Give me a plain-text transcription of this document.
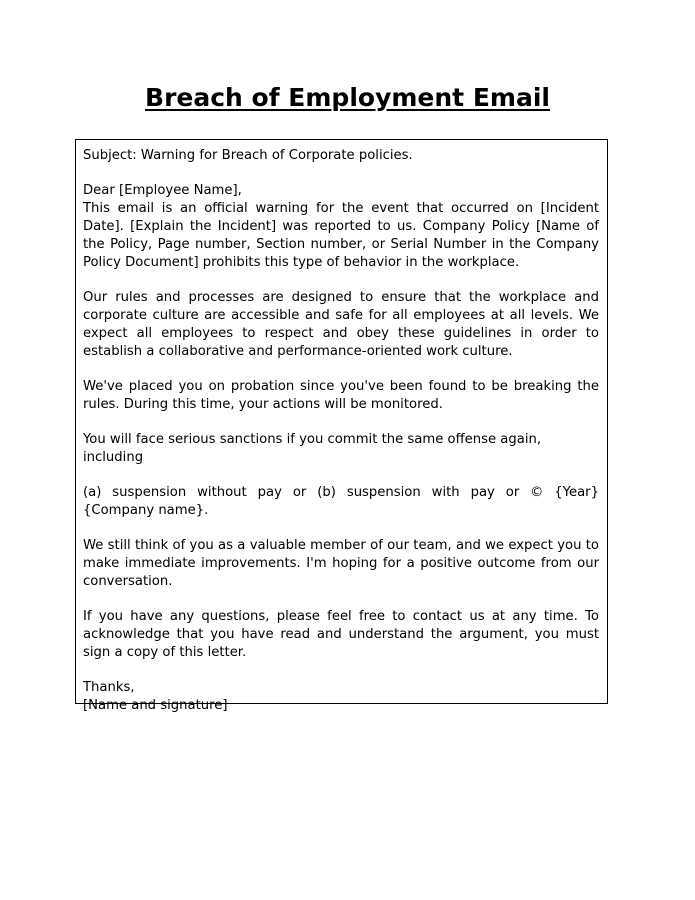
Breach of Employment Email

Subject: Warning for Breach of Corporate policies.

Dear [Employee Name],

This email is an official warning for the event that occurred on [Incident Date]. [Explain the Incident] was reported to us. Company Policy [Name of the Policy, Page number, Section number, or Serial Number in the Company Policy Document] prohibits this type of behavior in the workplace.

Our rules and processes are designed to ensure that the workplace and corporate culture are accessible and safe for all employees at all levels. We expect all employees to respect and obey these guidelines in order to establish a collaborative and performance-oriented work culture.

We've placed you on probation since you've been found to be breaking the rules. During this time, your actions will be monitored.

You will face serious sanctions if you commit the same offense again, including

(a) suspension without pay or (b) suspension with pay or © {Year} {Company name}.

We still think of you as a valuable member of our team, and we expect you to make immediate improvements. I'm hoping for a positive outcome from our conversation.

If you have any questions, please feel free to contact us at any time. To acknowledge that you have read and understand the argument, you must sign a copy of this letter.

Thanks,

[Name and signature]
